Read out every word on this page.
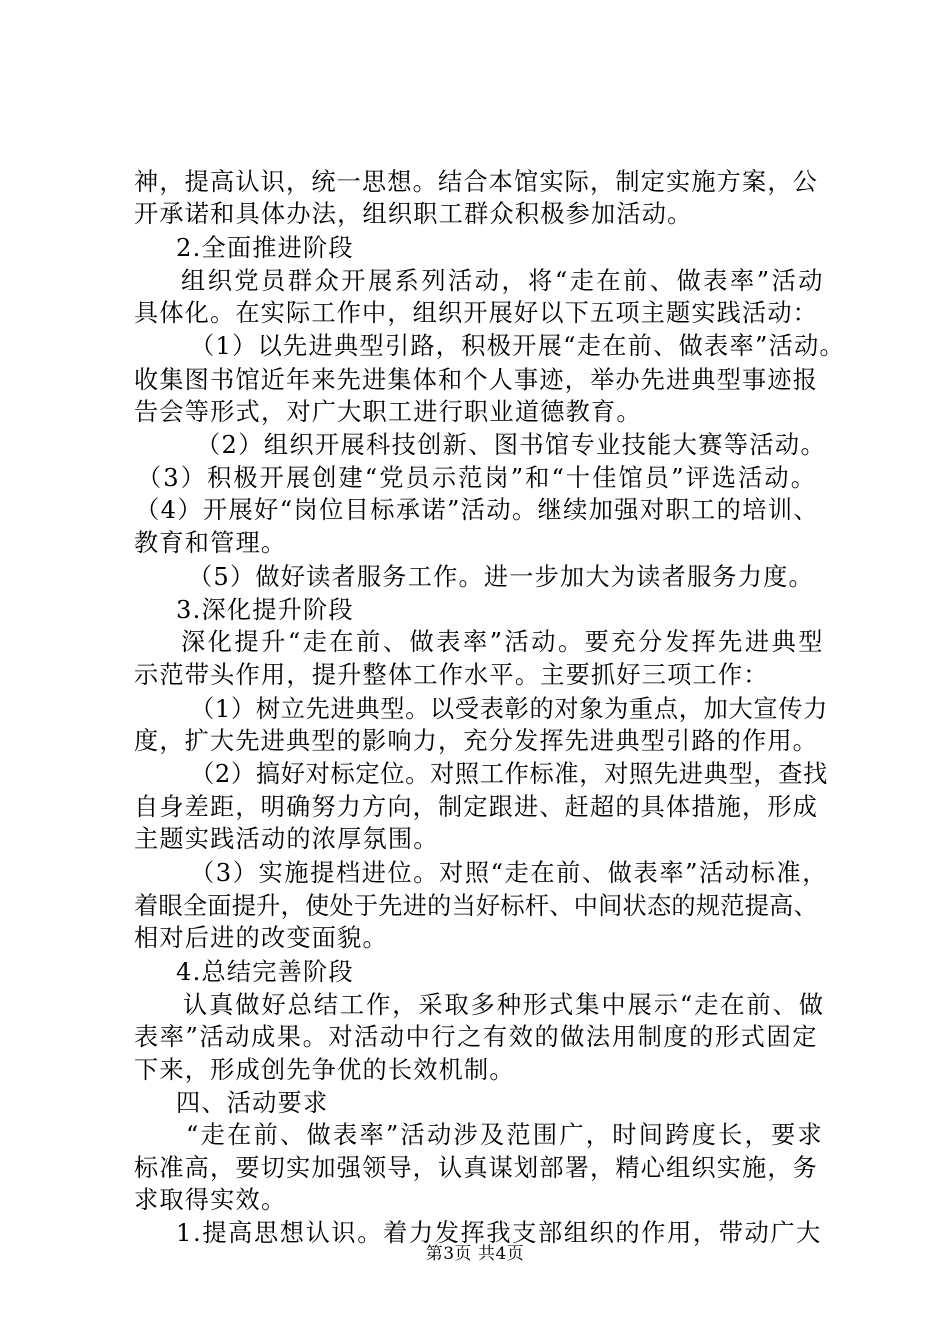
神，提高认识，统一思想。结合本馆实际，制定实施方案，公
开承诺和具体办法，组织职工群众积极参加活动。
2.全面推进阶段
组织党员群众开展系列活动，将“走在前、做表率”活动
具体化。在实际工作中，组织开展好以下五项主题实践活动：
（1）以先进典型引路，积极开展“走在前、做表率”活动。
收集图书馆近年来先进集体和个人事迹，举办先进典型事迹报
告会等形式，对广大职工进行职业道德教育。
（2）组织开展科技创新、图书馆专业技能大赛等活动。
（3）积极开展创建“党员示范岗”和“十佳馆员”评选活动。
（4）开展好“岗位目标承诺”活动。继续加强对职工的培训、
教育和管理。
（5）做好读者服务工作。进一步加大为读者服务力度。
3.深化提升阶段
深化提升“走在前、做表率”活动。要充分发挥先进典型
示范带头作用，提升整体工作水平。主要抓好三项工作：
（1）树立先进典型。以受表彰的对象为重点，加大宣传力
度，扩大先进典型的影响力，充分发挥先进典型引路的作用。
（2）搞好对标定位。对照工作标准，对照先进典型，查找
自身差距，明确努力方向，制定跟进、赶超的具体措施，形成
主题实践活动的浓厚氛围。
（3）实施提档进位。对照“走在前、做表率”活动标准，
着眼全面提升，使处于先进的当好标杆、中间状态的规范提高、
相对后进的改变面貌。
4.总结完善阶段
认真做好总结工作，采取多种形式集中展示“走在前、做
表率”活动成果。对活动中行之有效的做法用制度的形式固定
下来，形成创先争优的长效机制。
四、活动要求
“走在前、做表率”活动涉及范围广，时间跨度长，要求
标准高，要切实加强领导，认真谋划部署，精心组织实施，务
求取得实效。
1.提高思想认识。着力发挥我支部组织的作用，带动广大
第3页 共4页
